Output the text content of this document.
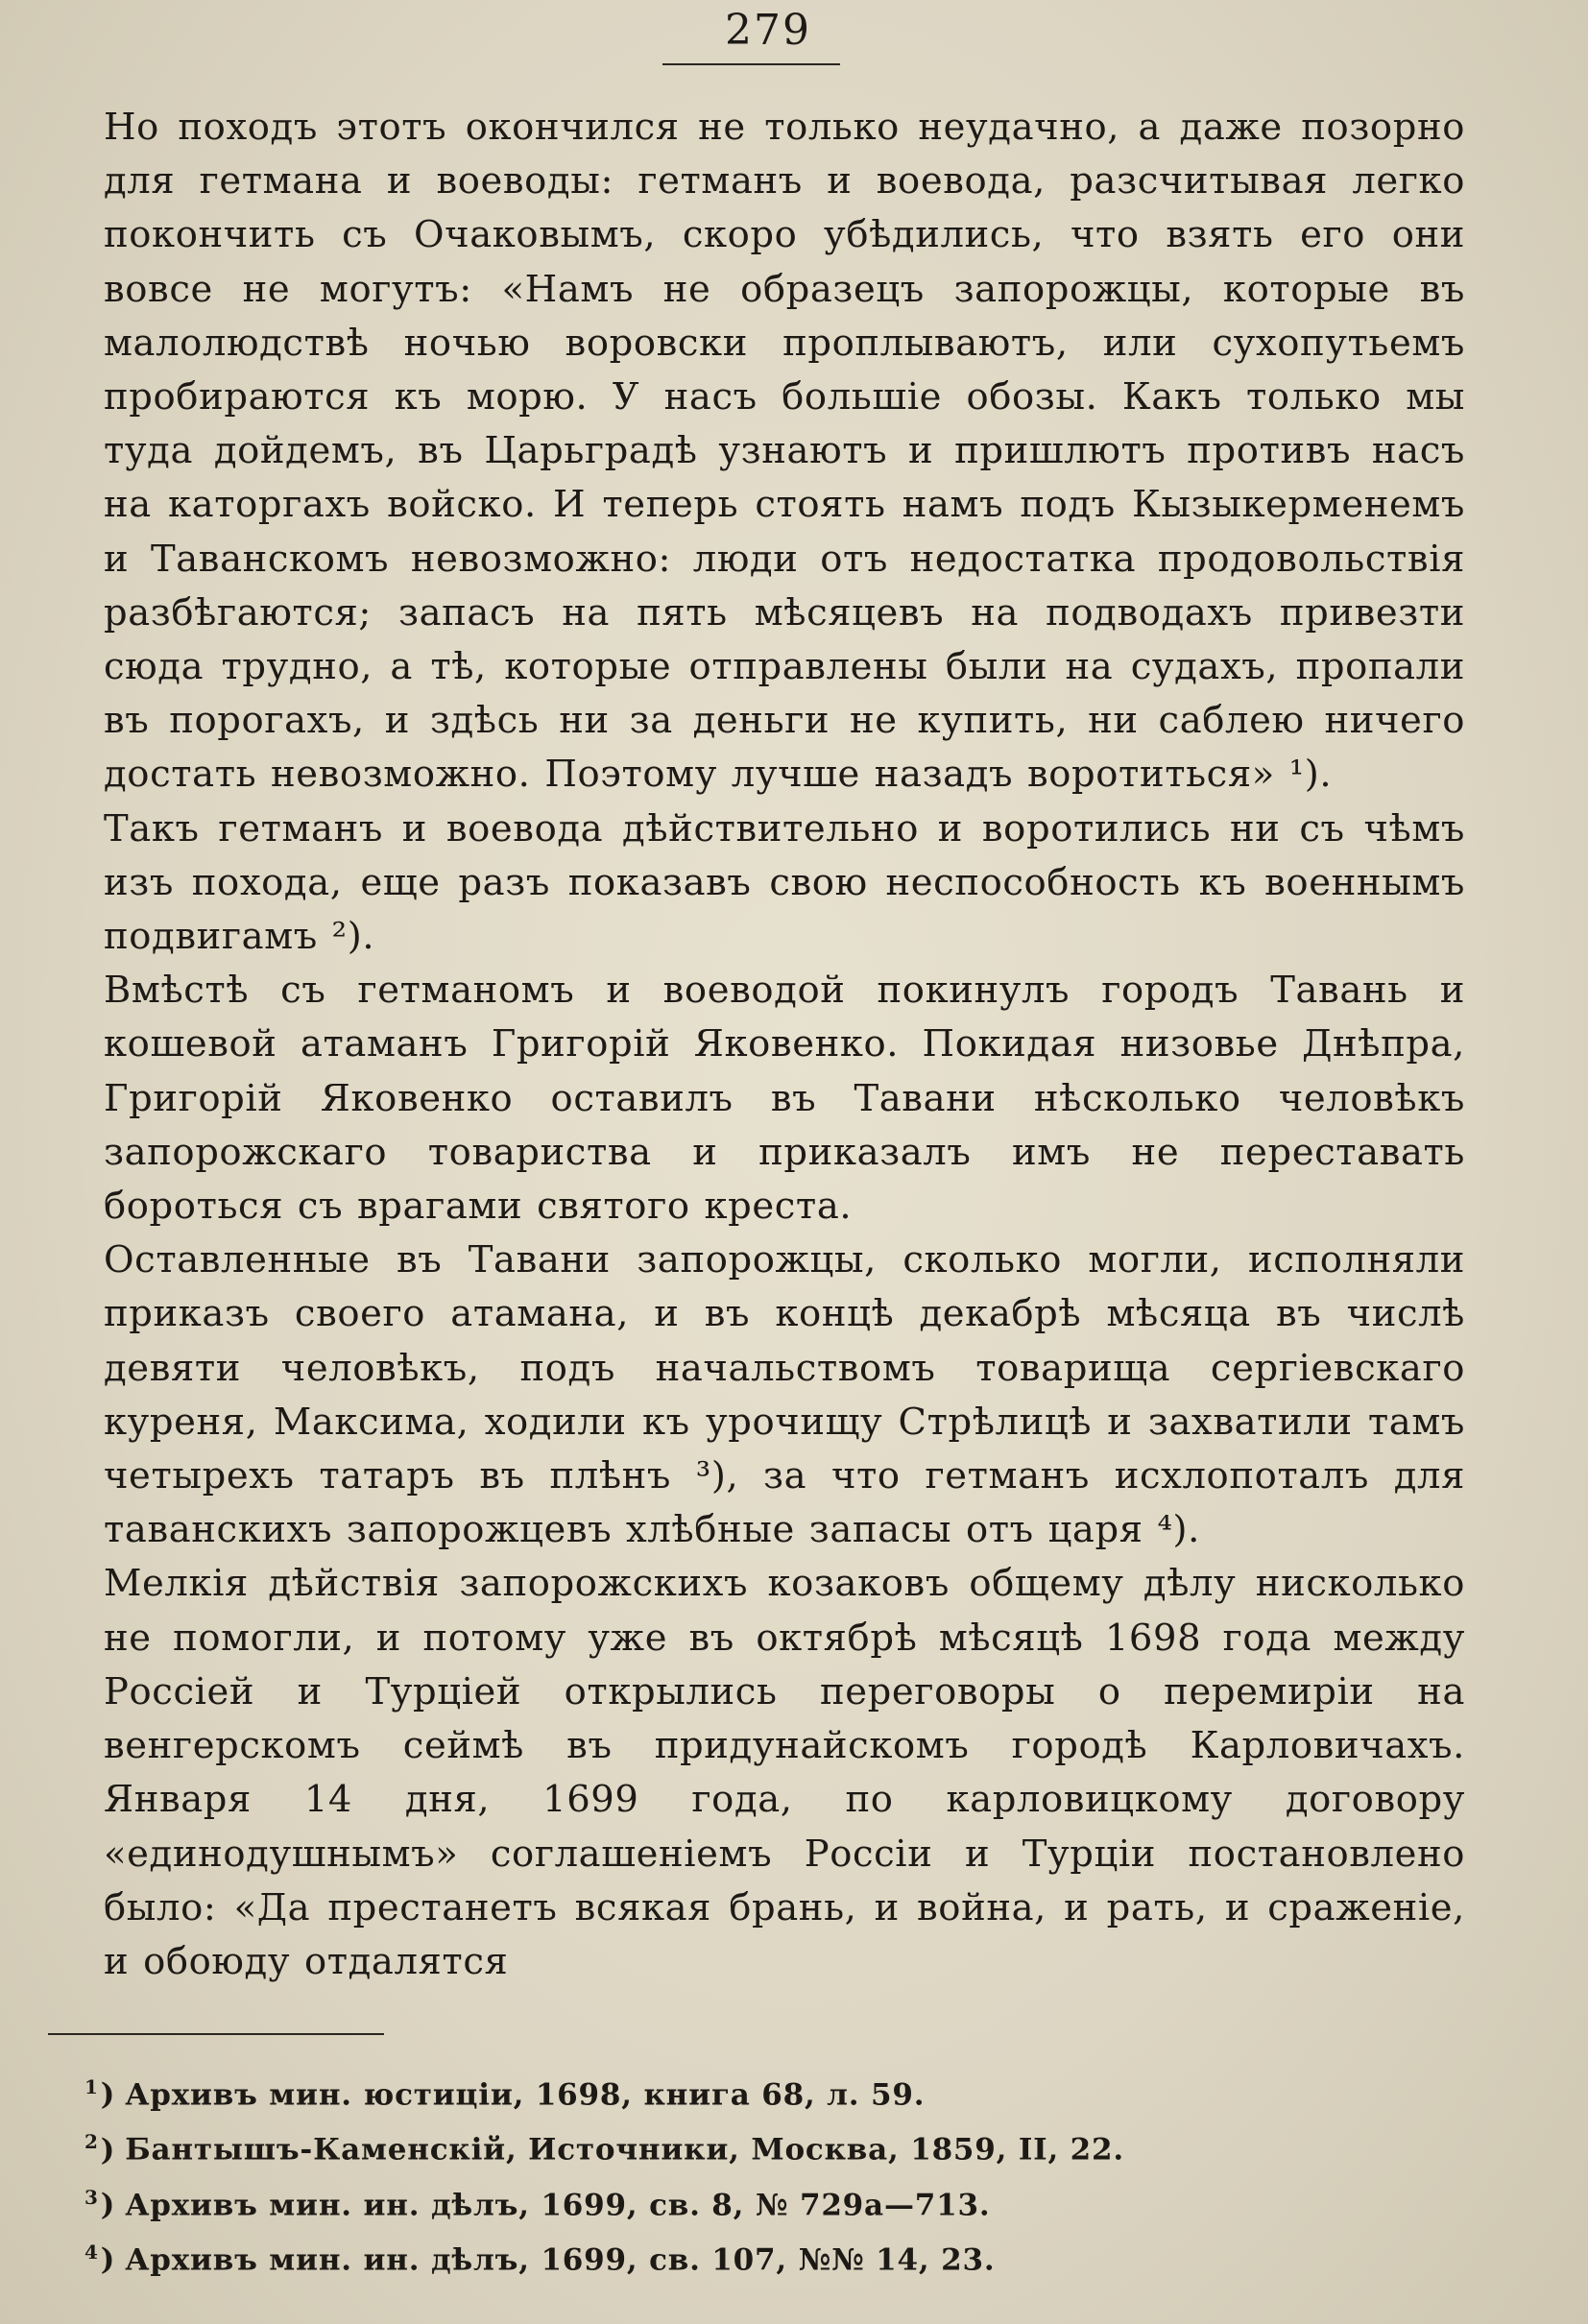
279

Но походъ этотъ окончился не только неудачно, а даже позорно для гетмана и воеводы: гетманъ и воевода, разсчитывая легко покончить съ Очаковымъ, скоро убѣдились, что взять его они вовсе не могутъ: «Намъ не образецъ запорожцы, которые въ малолюдствѣ ночью воровски проплываютъ, или сухопутьемъ пробираются къ морю. У насъ большіе обозы. Какъ только мы туда дойдемъ, въ Царьградѣ узнаютъ и пришлютъ противъ насъ на каторгахъ войско. И теперь стоять намъ подъ Кызыкерменемъ и Таванскомъ невозможно: люди отъ недостатка продовольствія разбѣгаются; запасъ на пять мѣсяцевъ на подводахъ привезти сюда трудно, а тѣ, которые отправлены были на судахъ, пропали въ порогахъ, и здѣсь ни за деньги не купить, ни саблею ничего достать невозможно. Поэтому лучше назадъ воротиться» ¹).

Такъ гетманъ и воевода дѣйствительно и воротились ни съ чѣмъ изъ похода, еще разъ показавъ свою неспособность къ военнымъ подвигамъ ²).

Вмѣстѣ съ гетманомъ и воеводой покинулъ городъ Тавань и кошевой атаманъ Григорій Яковенко. Покидая низовье Днѣпра, Григорій Яковенко оставилъ въ Тавани нѣсколько человѣкъ запорожскаго товариства и приказалъ имъ не переставать бороться съ врагами святого креста.

Оставленные въ Тавани запорожцы, сколько могли, исполняли приказъ своего атамана, и въ концѣ декабрѣ мѣсяца въ числѣ девяти человѣкъ, подъ начальствомъ товарища сергіевскаго куреня, Максима, ходили къ урочищу Стрѣлицѣ и захватили тамъ четырехъ татаръ въ плѣнъ ³), за что гетманъ исхлопоталъ для таванскихъ запорожцевъ хлѣбные запасы отъ царя ⁴).

Мелкія дѣйствія запорожскихъ козаковъ общему дѣлу нисколько не помогли, и потому уже въ октябрѣ мѣсяцѣ 1698 года между Россіей и Турціей открылись переговоры о перемиріи на венгерскомъ сеймѣ въ придунайскомъ городѣ Карловичахъ. Января 14 дня, 1699 года, по карловицкому договору «единодушнымъ» соглашеніемъ Россіи и Турціи постановлено было: «Да престанетъ всякая брань, и война, и рать, и сраженіе, и обоюду отдалятся

$^1$) Архивъ мин. юстиціи, 1698, книга 68, л. 59.
$^2$) Бантышъ-Каменскій, Источники, Москва, 1859, II, 22.
$^3$) Архивъ мин. ин. дѣлъ, 1699, св. 8, № 729а—713.
$^4$) Архивъ мин. ин. дѣлъ, 1699, св. 107, №№ 14, 23.
